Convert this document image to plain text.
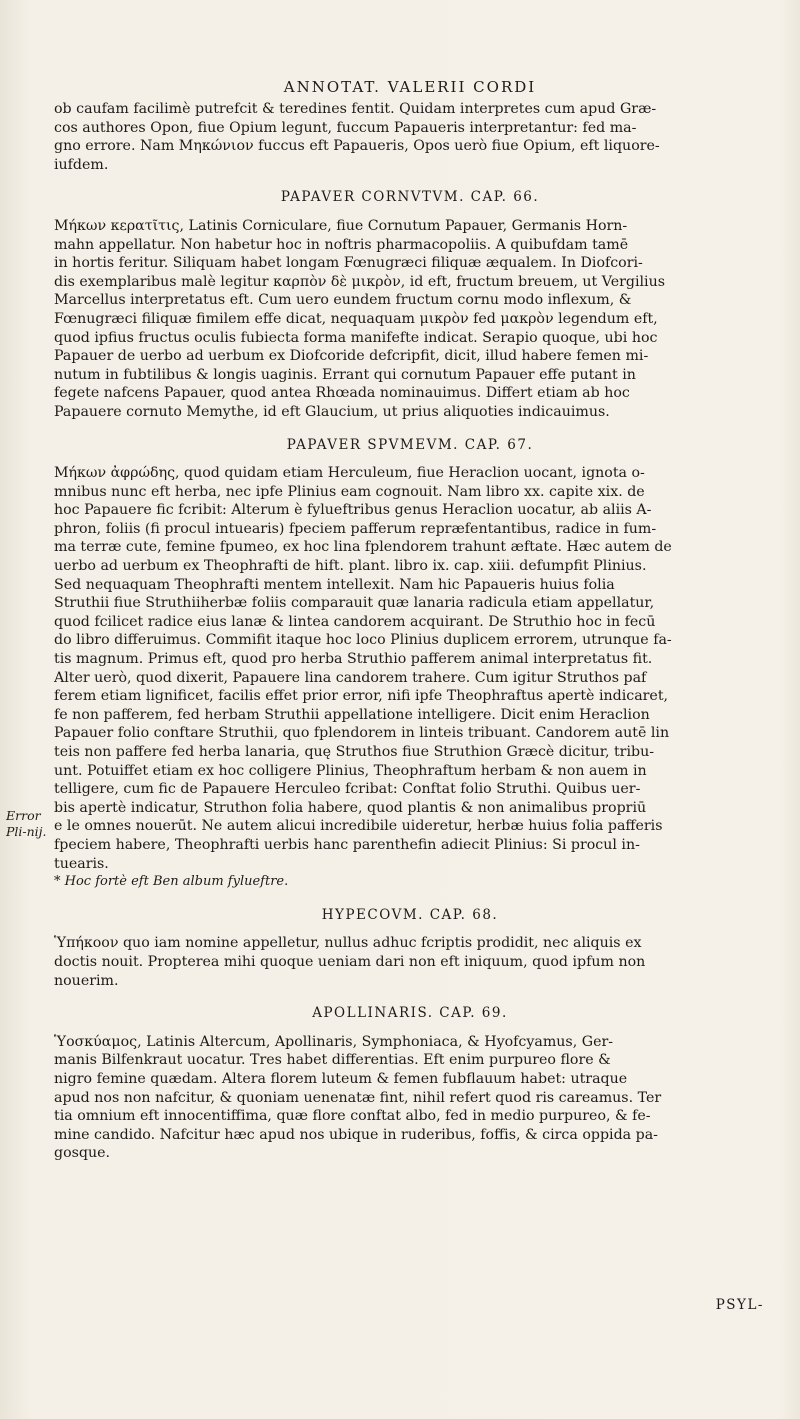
ANNOTAT. VALERII CORDI

ob caufam facilimè putrefcit & teredines fentit. Quidam interpretes cum apud Græ-

cos authores Opon, fiue Opium legunt, fuccum Papaueris interpretantur: fed ma-

gno errore. Nam Μηκώνιον fuccus eft Papaueris, Opos uerò fiue Opium, eft liquore-

iufdem.

PAPAVER CORNVTVM. CAP. 66.

Μήκων κερατῖτις, Latinis Corniculare, fiue Cornutum Papauer, Germanis Horn-

mahn appellatur. Non habetur hoc in noftris pharmacopoliis. A quibufdam tamē

in hortis feritur. Siliquam habet longam Fœnugræci filiquæ æqualem. In Diofcori-

dis exemplaribus malè legitur καρπὸν δὲ μικρὸν, id eft, fructum breuem, ut Vergilius

Marcellus interpretatus eft. Cum uero eundem fructum cornu modo inflexum, &

Fœnugræci filiquæ fimilem effe dicat, nequaquam μικρὸν fed μακρὸν legendum eft,

quod ipfius fructus oculis fubiecta forma manifefte indicat. Serapio quoque, ubi hoc

Papauer de uerbo ad uerbum ex Diofcoride defcripfit, dicit, illud habere femen mi-

nutum in fubtilibus & longis uaginis. Errant qui cornutum Papauer effe putant in

fegete nafcens Papauer, quod antea Rhœada nominauimus. Differt etiam ab hoc

Papauere cornuto Memythe, id eft Glaucium, ut prius aliquoties indicauimus.

PAPAVER SPVMEVM. CAP. 67.

Μήκων ἀφρώδης, quod quidam etiam Herculeum, fiue Heraclion uocant, ignota o-

mnibus nunc eft herba, nec ipfe Plinius eam cognouit. Nam libro xx. capite xix. de

hoc Papauere fic fcribit: Alterum è fylueftribus genus Heraclion uocatur, ab aliis A-

phron, foliis (fi procul intuearis) fpeciem pafferum repræfentantibus, radice in fum-

ma terræ cute, femine fpumeo, ex hoc lina fplendorem trahunt æftate. Hæc autem de

uerbo ad uerbum ex Theophrafti de hift. plant. libro ix. cap. xiii. defumpfit Plinius.

Sed nequaquam Theophrafti mentem intellexit. Nam hic Papaueris huius folia

Struthii fiue Struthiiherbæ foliis comparauit quæ lanaria radicula etiam appellatur,

quod fcilicet radice eius lanæ & lintea candorem acquirant. De Struthio hoc in fecū

do libro differuimus. Commifit itaque hoc loco Plinius duplicem errorem, utrunque fa-

tis magnum. Primus eft, quod pro herba Struthio pafferem animal interpretatus fit.

Alter uerò, quod dixerit, Papauere lina candorem trahere. Cum igitur Struthos paf

ferem etiam lignificet, facilis effet prior error, nifi ipfe Theophraftus apertè indicaret,

fe non pafferem, fed herbam Struthii appellatione intelligere. Dicit enim Heraclion

Papauer folio conftare Struthii, quo fplendorem in linteis tribuant. Candorem autē lin

teis non paffere fed herba lanaria, quę Struthos fiue Struthion Græcè dicitur, tribu-

unt. Potuiffet etiam ex hoc colligere Plinius, Theophraftum herbam & non auem in

telligere, cum fic de Papauere Herculeo fcribat: Conftat folio Struthi. Quibus uer-

bis apertè indicatur, Struthon folia habere, quod plantis & non animalibus propriū

e le omnes nouerūt. Ne autem alicui incredibile uideretur, herbæ huius folia pafferis

fpeciem habere, Theophrafti uerbis hanc parenthefin adiecit Plinius: Si procul in-

tuearis.

* Hoc fortè eft Ben album fylueftre.

HYPECOVM. CAP. 68.

Ὑπήκοον quo iam nomine appelletur, nullus adhuc fcriptis prodidit, nec aliquis ex

doctis nouit. Propterea mihi quoque ueniam dari non eft iniquum, quod ipfum non

nouerim.

APOLLINARIS. CAP. 69.

Ὑοσκύαμος, Latinis Altercum, Apollinaris, Symphoniaca, & Hyofcyamus, Ger-

manis Bilfenkraut uocatur. Tres habet differentias. Eft enim purpureo flore &

nigro femine quædam. Altera florem luteum & femen fubflauum habet: utraque

apud nos non nafcitur, & quoniam uenenatæ fint, nihil refert quod ris careamus. Ter

tia omnium eft innocentiffima, quæ flore conftat albo, fed in medio purpureo, & fe-

mine candido. Nafcitur hæc apud nos ubique in ruderibus, foffis, & circa oppida pa-

gosque.

Error Pli-nij.
PSYL-
